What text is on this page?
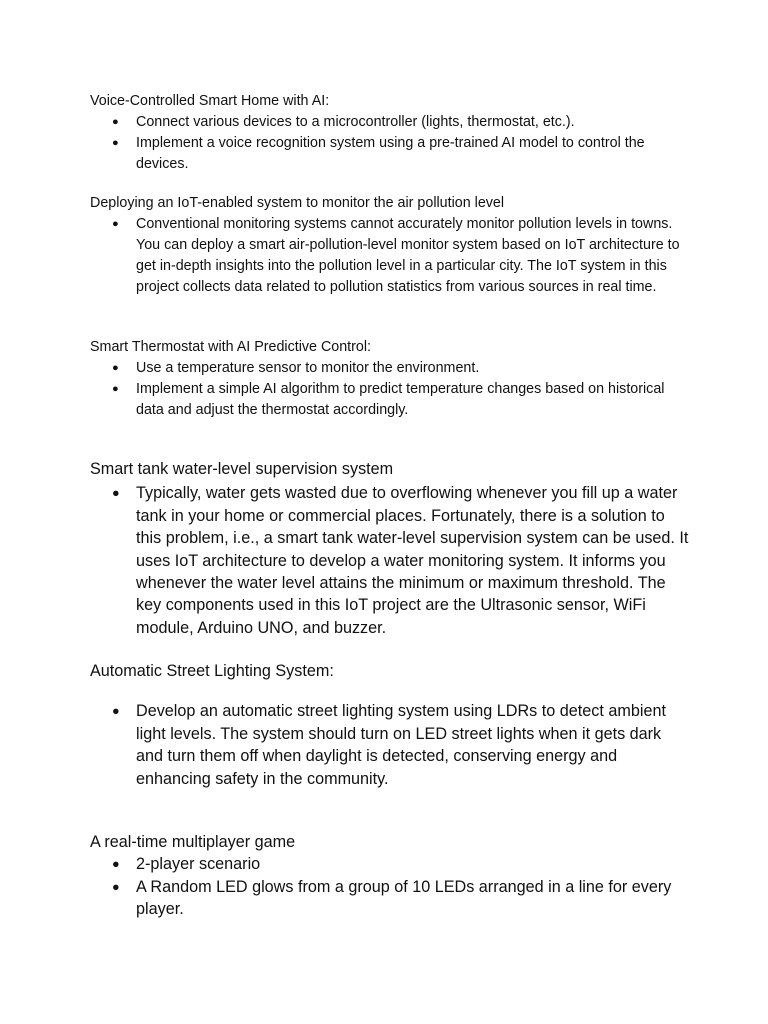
Voice-Controlled Smart Home with AI:

● Connect various devices to a microcontroller (lights, thermostat, etc.).
● Implement a voice recognition system using a pre-trained AI model to control the devices.

Deploying an IoT-enabled system to monitor the air pollution level

● Conventional monitoring systems cannot accurately monitor pollution levels in towns. You can deploy a smart air-pollution-level monitor system based on IoT architecture to get in-depth insights into the pollution level in a particular city. The IoT system in this project collects data related to pollution statistics from various sources in real time.

Smart Thermostat with AI Predictive Control:

● Use a temperature sensor to monitor the environment.
● Implement a simple AI algorithm to predict temperature changes based on historical data and adjust the thermostat accordingly.

Smart tank water-level supervision system

● Typically, water gets wasted due to overflowing whenever you fill up a water tank in your home or commercial places. Fortunately, there is a solution to this problem, i.e., a smart tank water-level supervision system can be used. It uses IoT architecture to develop a water monitoring system. It informs you whenever the water level attains the minimum or maximum threshold. The key components used in this IoT project are the Ultrasonic sensor, WiFi module, Arduino UNO, and buzzer.

Automatic Street Lighting System:

● Develop an automatic street lighting system using LDRs to detect ambient light levels. The system should turn on LED street lights when it gets dark and turn them off when daylight is detected, conserving energy and enhancing safety in the community.

A real-time multiplayer game

● 2-player scenario
● A Random LED glows from a group of 10 LEDs arranged in a line for every player.
